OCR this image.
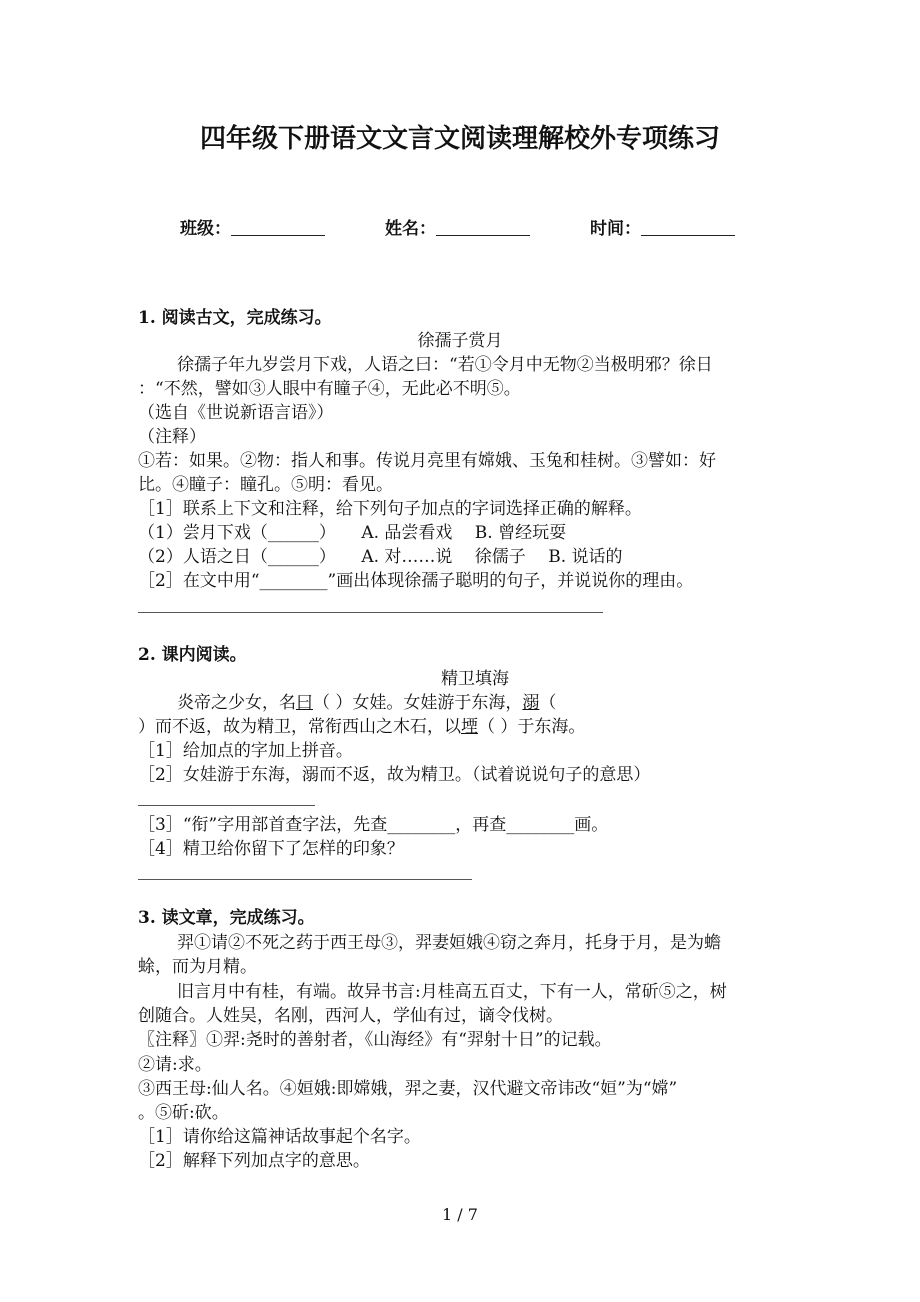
四年级下册语文文言文阅读理解校外专项练习
班级：	姓名：	时间：
1. 阅读古文，完成练习。
徐孺子赏月
徐孺子年九岁尝月下戏，人语之曰：“若①令月中无物②当极明邪？徐日
：“不然，譬如③人眼中有瞳子④，无此必不明⑤。
（选自《世说新语言语》）
（注释）
①若：如果。②物：指人和事。传说月亮里有嫦娥、玉兔和桂树。③譬如：好
比。④瞳子：瞳孔。⑤明：看见。
［1］联系上下文和注释，给下列句子加点的字词选择正确的解释。
（1）尝月下戏（______）　　A. 品尝看戏　 B. 曾经玩耍
（2）人语之日（______）　　A. 对……说　 徐儒子　 B. 说话的
［2］在文中用“________”画出体现徐孺子聪明的句子，并说说你的理由。
2. 课内阅读。
精卫填海
炎帝之少女，名曰（ ）女娃。女娃游于东海，溺（
）而不返，故为精卫，常衔西山之木石，以堙（ ）于东海。
［1］给加点的字加上拼音。
［2］女娃游于东海，溺而不返，故为精卫。（试着说说句子的意思）
［3］“衔”字用部首查字法，先查________，再查________画。
［4］精卫给你留下了怎样的印象？
3. 读文章，完成练习。
羿①请②不死之药于西王母③，羿妻姮娥④窃之奔月，托身于月，是为蟾
蜍，而为月精。
旧言月中有桂，有端。故异书言:月桂高五百丈，下有一人，常斫⑤之，树
创随合。人姓吴，名刚，西河人，学仙有过，谪令伐树。
〖注释〗①羿:尧时的善射者，《山海经》有“羿射十日”的记载。
②请:求。
③西王母:仙人名。④姮娥:即嫦娥，羿之妻，汉代避文帝讳改“姮”为“嫦”
。⑤斫:砍。
［1］请你给这篇神话故事起个名字。
［2］解释下列加点字的意思。
1 / 7
